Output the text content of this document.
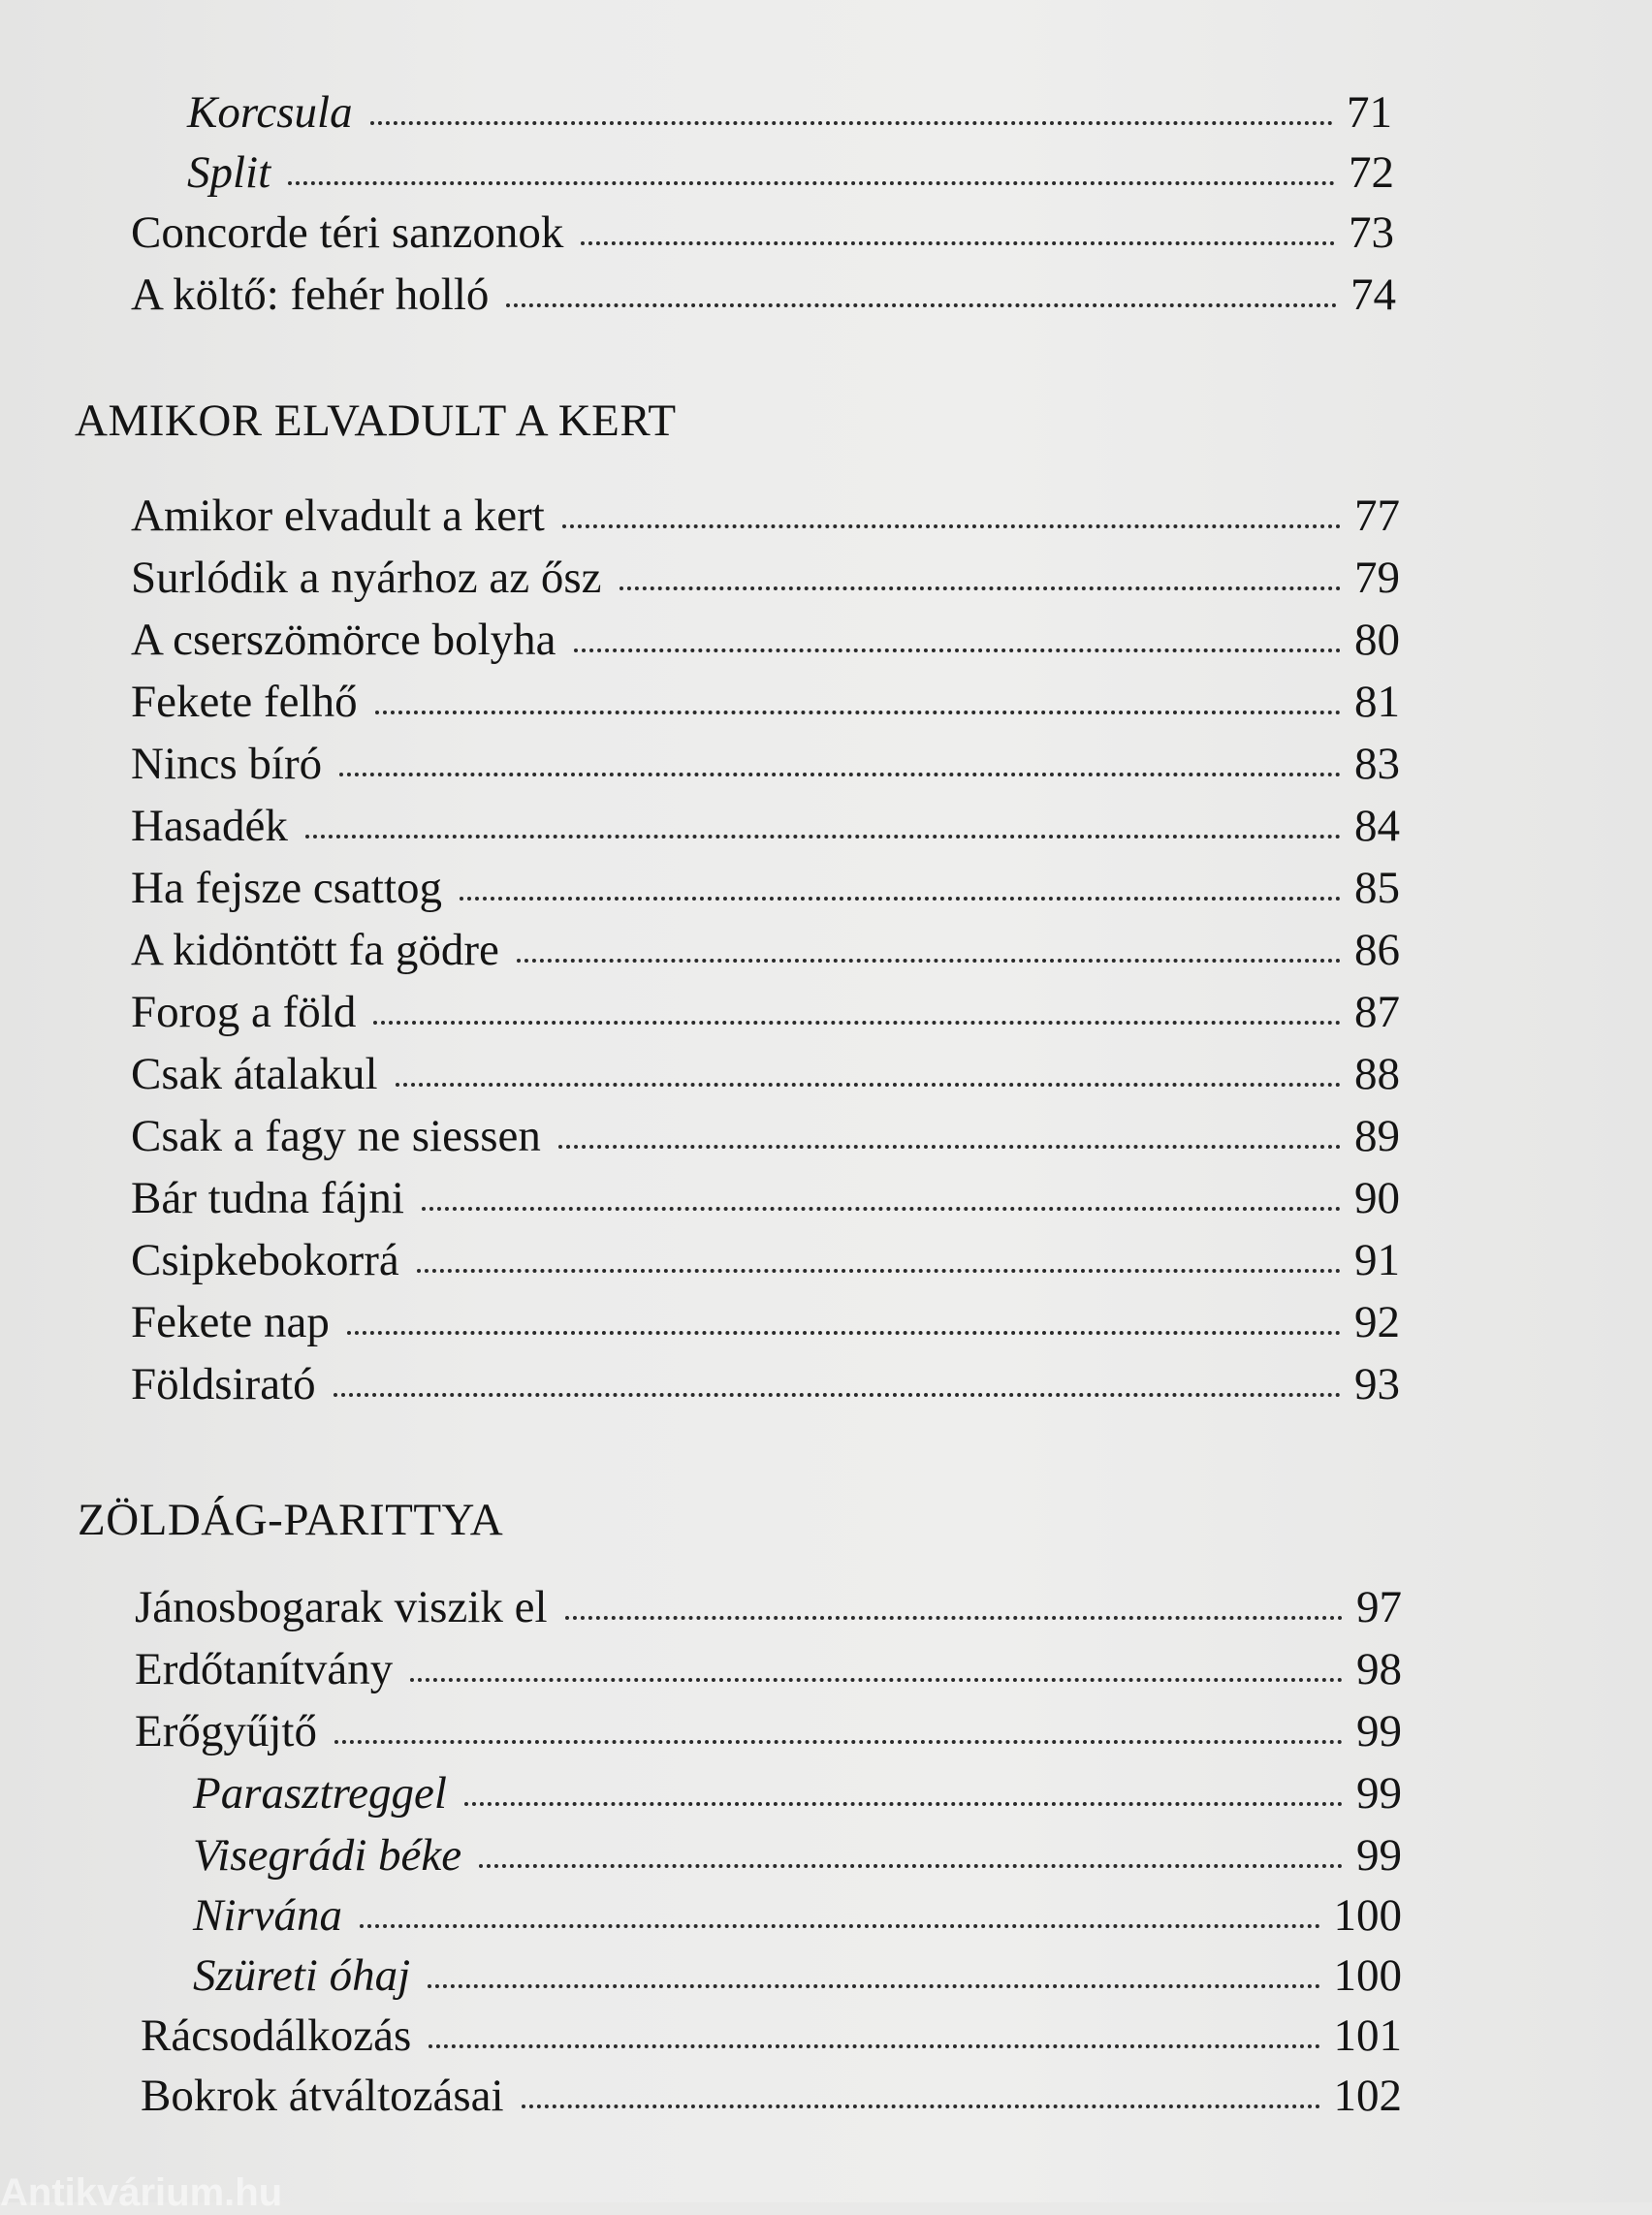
Korcsula	71
Split	72
Concorde téri sanzonok	73
A költő: fehér holló	74
AMIKOR ELVADULT A KERT
Amikor elvadult a kert	77
Surlódik a nyárhoz az ősz	79
A cserszömörce bolyha	80
Fekete felhő	81
Nincs bíró	83
Hasadék	84
Ha fejsze csattog	85
A kidöntött fa gödre	86
Forog a föld	87
Csak átalakul	88
Csak a fagy ne siessen	89
Bár tudna fájni	90
Csipkebokorrá	91
Fekete nap	92
Földsirató	93
ZÖLDÁG-PARITTYA
Jánosbogarak viszik el	97
Erdőtanítvány	98
Erőgyűjtő	99
Parasztreggel	99
Visegrádi béke	99
Nirvána	100
Szüreti óhaj	100
Rácsodálkozás	101
Bokrok átváltozásai	102
Antikvárium.hu
